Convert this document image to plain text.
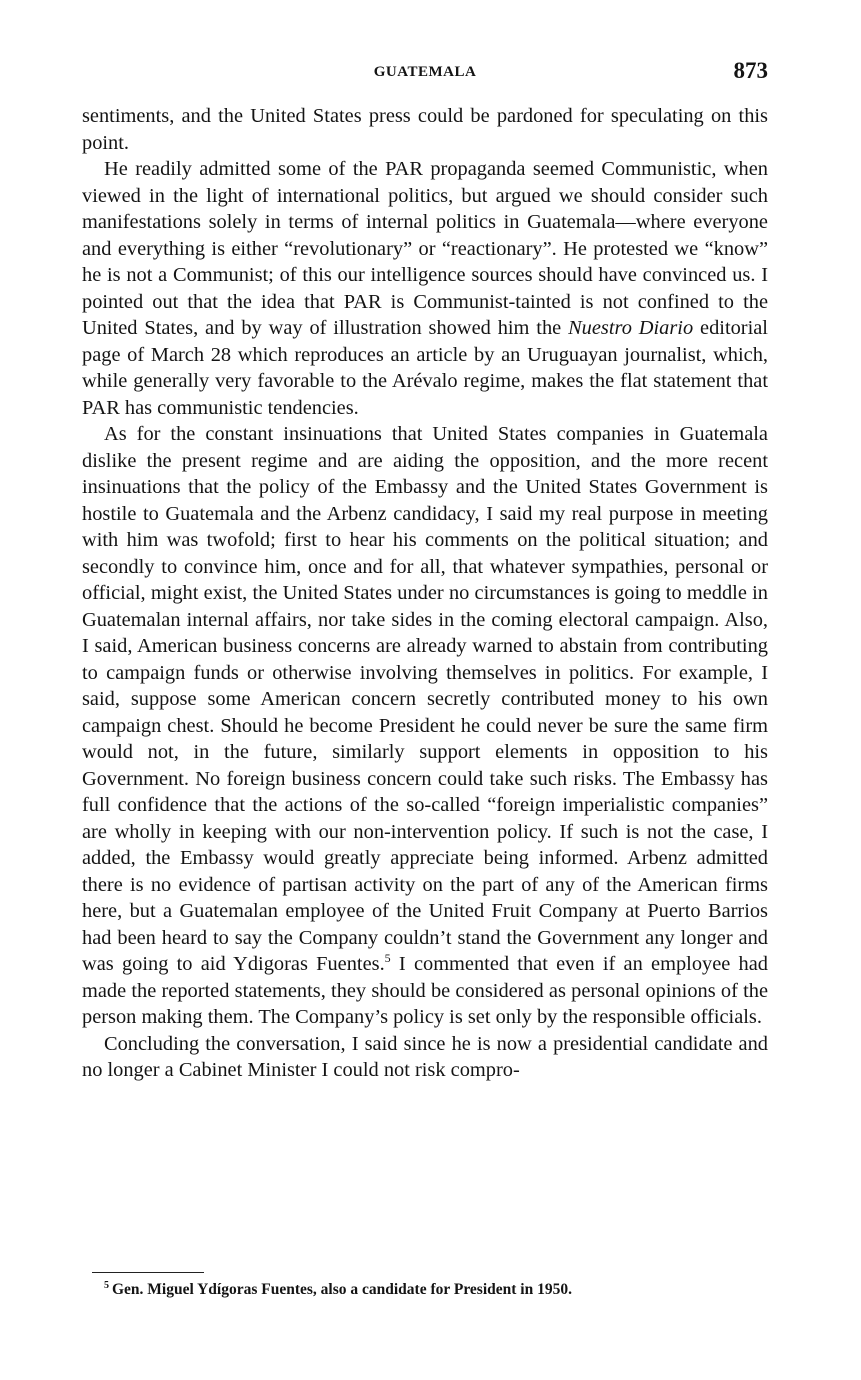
GUATEMALA	873

sentiments, and the United States press could be pardoned for speculating on this point.

He readily admitted some of the PAR propaganda seemed Communistic, when viewed in the light of international politics, but argued we should consider such manifestations solely in terms of internal politics in Guatemala—where everyone and everything is either “revolutionary” or “reactionary”. He protested we “know” he is not a Communist; of this our intelligence sources should have convinced us. I pointed out that the idea that PAR is Communist-tainted is not confined to the United States, and by way of illustration showed him the Nuestro Diario editorial page of March 28 which reproduces an article by an Uruguayan journalist, which, while generally very favorable to the Arévalo regime, makes the flat statement that PAR has communistic tendencies.

As for the constant insinuations that United States companies in Guatemala dislike the present regime and are aiding the opposition, and the more recent insinuations that the policy of the Embassy and the United States Government is hostile to Guatemala and the Arbenz candidacy, I said my real purpose in meeting with him was twofold; first to hear his comments on the political situation; and secondly to convince him, once and for all, that whatever sympathies, personal or official, might exist, the United States under no circumstances is going to meddle in Guatemalan internal affairs, nor take sides in the coming electoral campaign. Also, I said, American business concerns are already warned to abstain from contributing to campaign funds or otherwise involving themselves in politics. For example, I said, suppose some American concern secretly contributed money to his own campaign chest. Should he become President he could never be sure the same firm would not, in the future, similarly support elements in opposition to his Government. No foreign business concern could take such risks. The Embassy has full confidence that the actions of the so-called “foreign imperialistic companies” are wholly in keeping with our non-intervention policy. If such is not the case, I added, the Embassy would greatly appreciate being informed. Arbenz admitted there is no evidence of partisan activity on the part of any of the American firms here, but a Guatemalan employee of the United Fruit Company at Puerto Barrios had been heard to say the Company couldn’t stand the Government any longer and was going to aid Ydigoras Fuentes.$^5$ I commented that even if an employee had made the reported statements, they should be considered as personal opinions of the person making them. The Company’s policy is set only by the responsible officials.

Concluding the conversation, I said since he is now a presidential candidate and no longer a Cabinet Minister I could not risk compro-

$^5$ Gen. Miguel Ydígoras Fuentes, also a candidate for President in 1950.
